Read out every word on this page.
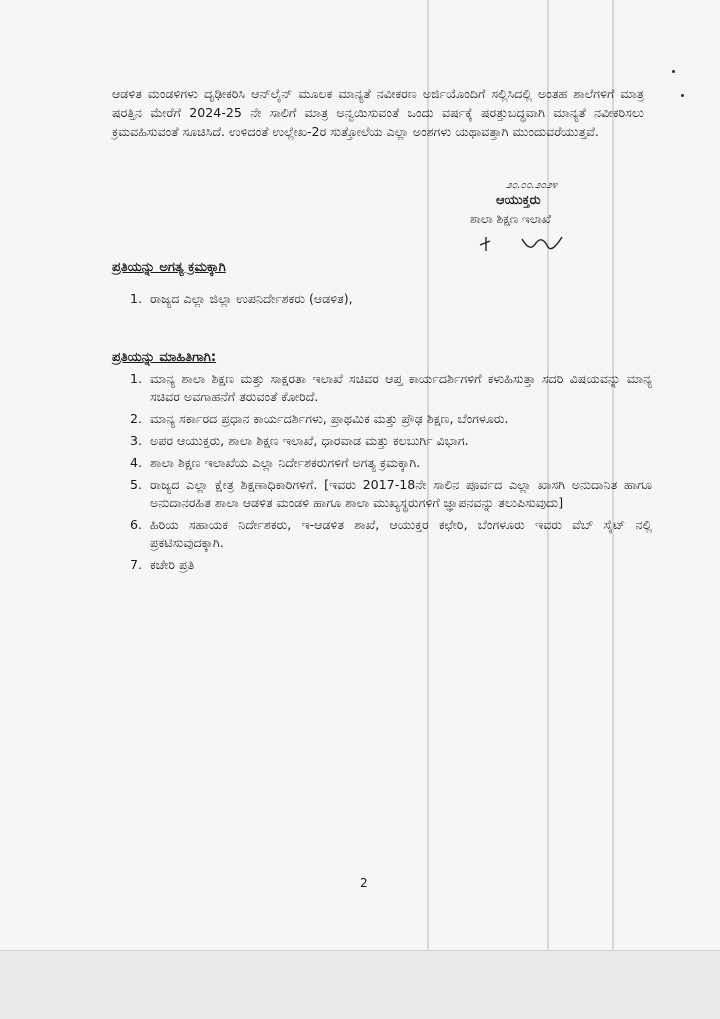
ಆಡಳಿತ ಮಂಡಳಿಗಳು ದೃಢೀಕರಿಸಿ ಆನ್‌ಲೈನ್ ಮೂಲಕ ಮಾನ್ಯತೆ ನವೀಕರಣ ಅರ್ಜಿಯೊಂದಿಗೆ ಸಲ್ಲಿಸಿದಲ್ಲಿ ಅಂತಹ ಶಾಲೆಗಳಿಗೆ ಮಾತ್ರ ಷರತ್ತಿನ ಮೇರೆಗೆ 2024-25 ನೇ ಸಾಲಿಗೆ ಮಾತ್ರ ಅನ್ವಯಿಸುವಂತೆ ಒಂದು ವರ್ಷಕ್ಕೆ ಷರತ್ತುಬದ್ಧವಾಗಿ ಮಾನ್ಯತೆ ನವೀಕರಿಸಲು ಕ್ರಮವಹಿಸುವಂತೆ ಸೂಚಿಸಿದೆ. ಉಳಿದಂತೆ ಉಲ್ಲೇಖ-2ರ ಸುತ್ತೋಲೆಯ ಎಲ್ಲಾ ಅಂಶಗಳು ಯಥಾವತ್ತಾಗಿ ಮುಂದುವರೆಯುತ್ತವೆ.
೨೦.೦೦.೨೦೨೪
ಆಯುಕ್ತರು
ಶಾಲಾ ಶಿಕ್ಷಣ ಇಲಾಖೆ
ಪ್ರತಿಯನ್ನು ಅಗತ್ಯ ಕ್ರಮಕ್ಕಾಗಿ
1. ರಾಜ್ಯದ ಎಲ್ಲಾ ಜಿಲ್ಲಾ ಉಪನಿರ್ದೇಶಕರು (ಆಡಳಿತ),
ಪ್ರತಿಯನ್ನು ಮಾಹಿತಿಗಾಗಿ:
1. ಮಾನ್ಯ ಶಾಲಾ ಶಿಕ್ಷಣ ಮತ್ತು ಸಾಕ್ಷರತಾ ಇಲಾಖೆ ಸಚಿವರ ಆಪ್ತ ಕಾರ್ಯದರ್ಶಿಗಳಿಗೆ ಕಳುಹಿಸುತ್ತಾ ಸದರಿ ವಿಷಯವನ್ನು ಮಾನ್ಯ ಸಚಿವರ ಅವಗಾಹನೆಗೆ ತರುವಂತೆ ಕೋರಿದೆ.
2. ಮಾನ್ಯ ಸರ್ಕಾರದ ಪ್ರಧಾನ ಕಾರ್ಯದರ್ಶಿಗಳು, ಪ್ರಾಥಮಿಕ ಮತ್ತು ಪ್ರೌಢ ಶಿಕ್ಷಣ, ಬೆಂಗಳೂರು.
3. ಅಪರ ಆಯುಕ್ತರು, ಶಾಲಾ ಶಿಕ್ಷಣ ಇಲಾಖೆ, ಧಾರವಾಡ ಮತ್ತು ಕಲಬುರ್ಗಿ ವಿಭಾಗ.
4. ಶಾಲಾ ಶಿಕ್ಷಣ ಇಲಾಖೆಯ ಎಲ್ಲಾ ನಿರ್ದೇಶಕರುಗಳಿಗೆ ಅಗತ್ಯ ಕ್ರಮಕ್ಕಾಗಿ.
5. ರಾಜ್ಯದ ಎಲ್ಲಾ ಕ್ಷೇತ್ರ ಶಿಕ್ಷಣಾಧಿಕಾರಿಗಳಿಗೆ. [ಇವರು 2017-18ನೇ ಸಾಲಿನ ಪೂರ್ವದ ಎಲ್ಲಾ ಖಾಸಗಿ ಅನುದಾನಿತ ಹಾಗೂ ಅನುದಾನರಹಿತ ಶಾಲಾ ಆಡಳಿತ ಮಂಡಳಿ ಹಾಗೂ ಶಾಲಾ ಮುಖ್ಯಸ್ಥರುಗಳಿಗೆ ಜ್ಞಾಪನವನ್ನು ತಲುಪಿಸುವುದು]
6. ಹಿರಿಯ ಸಹಾಯಕ ನಿರ್ದೇಶಕರು, ಇ-ಆಡಳಿತ ಶಾಖೆ, ಆಯುಕ್ತರ ಕಛೇರಿ, ಬೆಂಗಳೂರು ಇವರು ವೆಬ್ ಸೈಟ್ ನಲ್ಲಿ ಪ್ರಕಟಿಸುವುದಕ್ಕಾಗಿ.
7. ಕಚೇರಿ ಪ್ರತಿ
2
